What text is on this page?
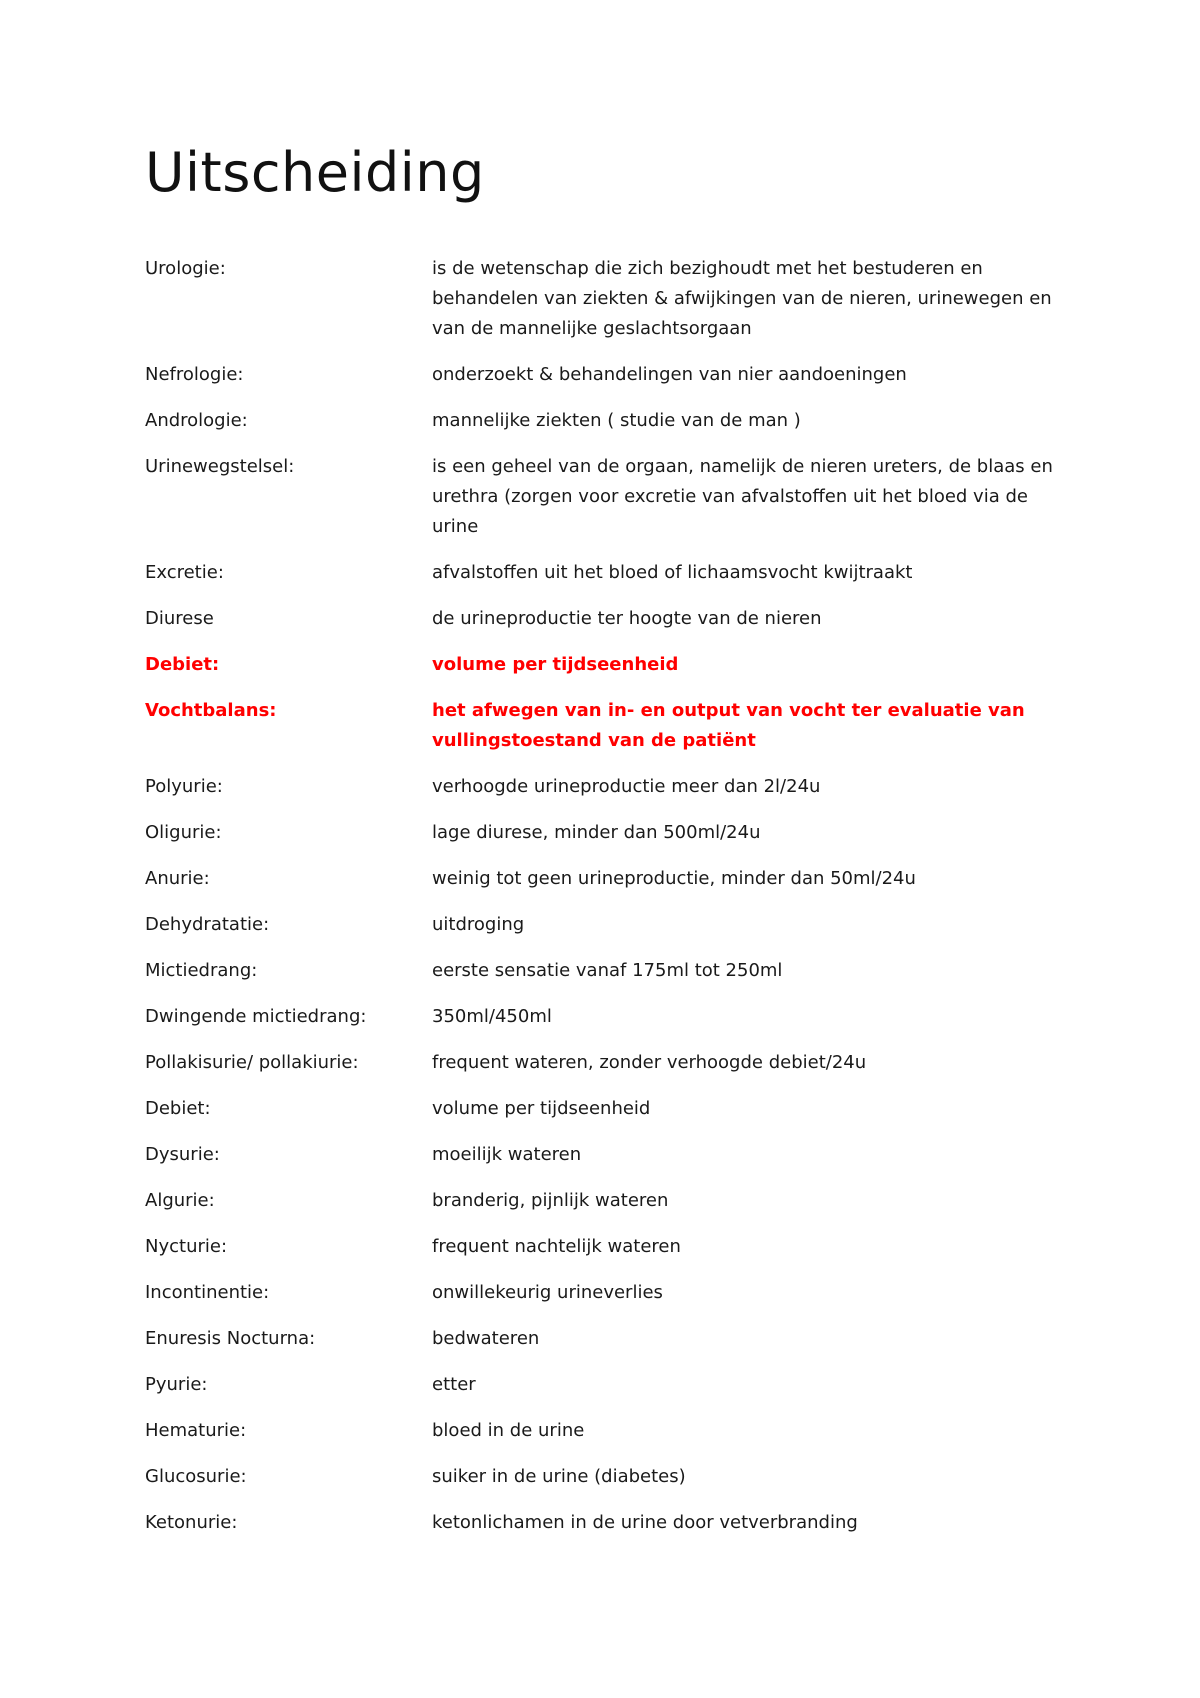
Uitscheiding
Urologie:	is de wetenschap die zich bezighoudt met het bestuderen en behandelen van ziekten & afwijkingen van de nieren, urinewegen en van de mannelijke geslachtsorgaan
Nefrologie:	onderzoekt & behandelingen van nier aandoeningen
Andrologie:	mannelijke ziekten ( studie van de man )
Urinewegstelsel:	is een geheel van de orgaan, namelijk de nieren ureters, de blaas en urethra (zorgen voor excretie van afvalstoffen uit het bloed via de urine
Excretie:	afvalstoffen uit het bloed of lichaamsvocht kwijtraakt
Diurese	de urineproductie ter hoogte van de nieren
Debiet:	volume per tijdseenheid
Vochtbalans:	het afwegen van in- en output van vocht ter evaluatie van vullingstoestand van de patiënt
Polyurie:	verhoogde urineproductie meer dan 2l/24u
Oligurie:	lage diurese, minder dan 500ml/24u
Anurie:	weinig tot geen urineproductie, minder dan 50ml/24u
Dehydratatie:	uitdroging
Mictiedrang:	eerste sensatie vanaf 175ml tot 250ml
Dwingende mictiedrang:	350ml/450ml
Pollakisurie/ pollakiurie:	frequent wateren, zonder verhoogde debiet/24u
Debiet:	volume per tijdseenheid
Dysurie:	moeilijk wateren
Algurie:	branderig, pijnlijk wateren
Nycturie:	frequent nachtelijk wateren
Incontinentie:	onwillekeurig urineverlies
Enuresis Nocturna:	bedwateren
Pyurie:	etter
Hematurie:	bloed in de urine
Glucosurie:	suiker in de urine (diabetes)
Ketonurie:	ketonlichamen in de urine door vetverbranding
